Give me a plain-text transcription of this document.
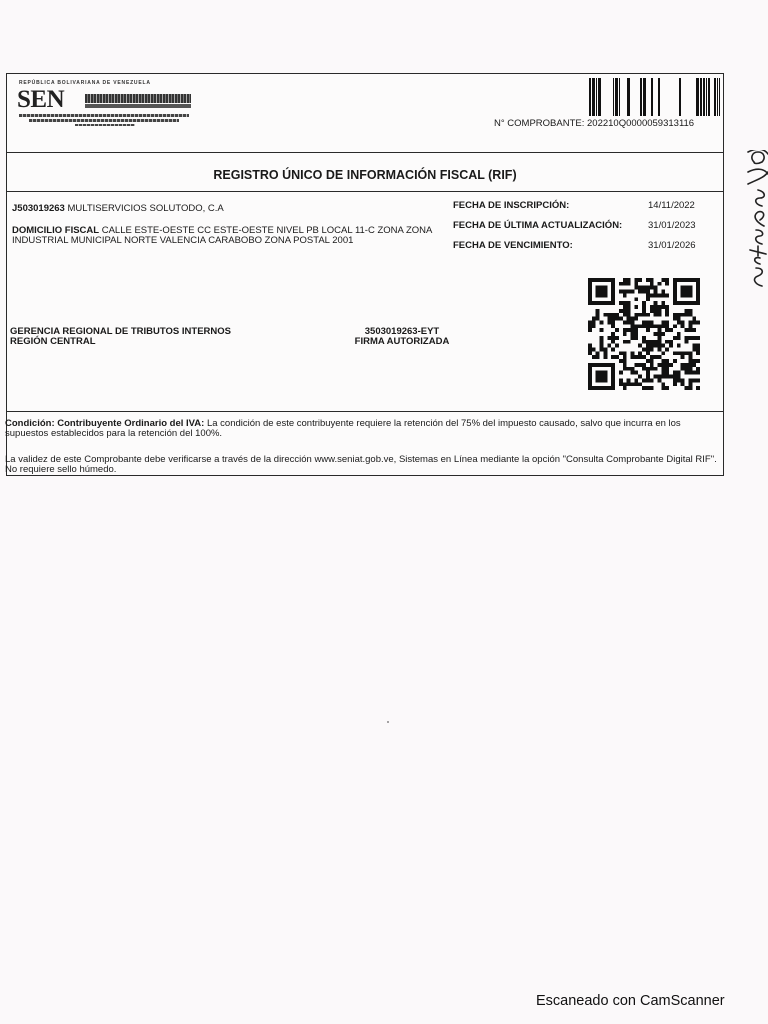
REPÚBLICA BOLIVARIANA DE VENEZUELA
SEN
N° COMPROBANTE: 202210Q000005931311​6
REGISTRO ÚNICO DE INFORMACIÓN FISCAL (RIF)
J503019263 MULTISERVICIOS SOLUTODO, C.A
DOMICILIO FISCAL CALLE ESTE-OESTE CC ESTE-OESTE NIVEL PB LOCAL 11-C ZONA ZONA INDUSTRIAL MUNICIPAL NORTE VALENCIA CARABOBO ZONA POSTAL 2001
FECHA DE INSCRIPCIÓN:	14/11/2022
FECHA DE ÚLTIMA ACTUALIZACIÓN:	31/01/2023
FECHA DE VENCIMIENTO:	31/01/2026
GERENCIA REGIONAL DE TRIBUTOS INTERNOS
REGIÓN CENTRAL
3503019263-EYT
FIRMA AUTORIZADA
Condición: Contribuyente Ordinario del IVA: La condición de este contribuyente requiere la retención del 75% del impuesto causado, salvo que incurra en los supuestos establecidos para la retención del 100%.
La validez de este Comprobante debe verificarse a través de la dirección www.seniat.gob.ve, Sistemas en Línea mediante la opción "Consulta Comprobante Digital RIF". No requiere sello húmedo.
Escaneado con CamScanner
